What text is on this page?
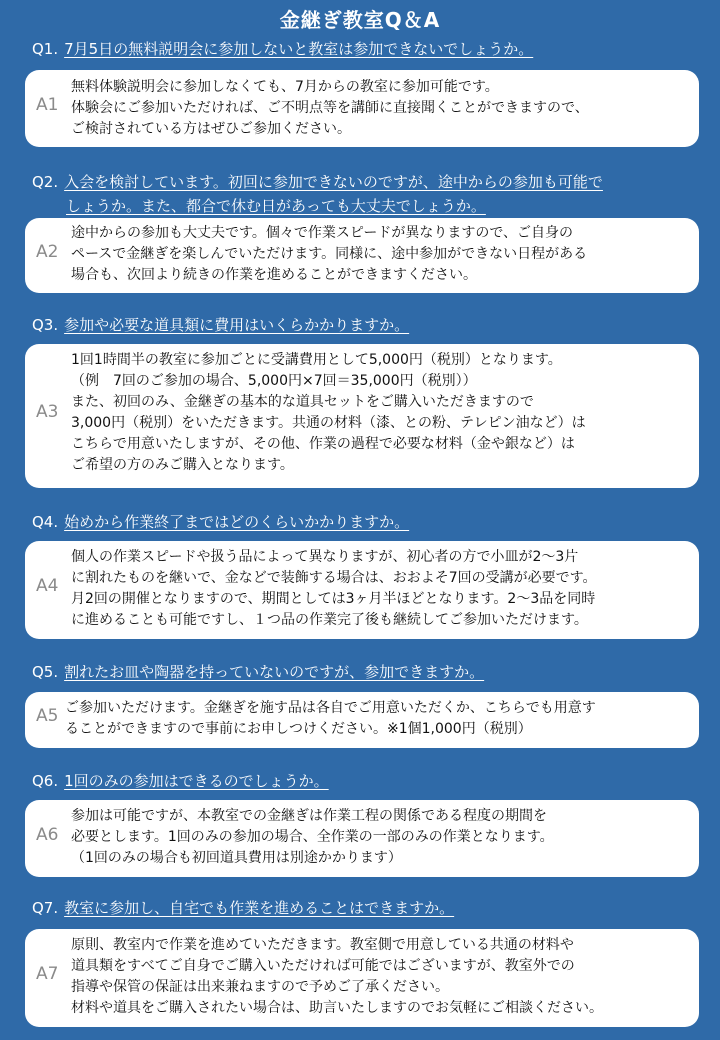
金継ぎ教室Q＆A
Q1. 7月5日の無料説明会に参加しないと教室は参加できないでしょうか。
A1
無料体験説明会に参加しなくても、7月からの教室に参加可能です。
体験会にご参加いただければ、ご不明点等を講師に直接聞くことができますので、
ご検討されている方はぜひご参加ください。
Q2. 入会を検討しています。初回に参加できないのですが、途中からの参加も可能で
しょうか。また、都合で休む日があっても大丈夫でしょうか。
A2
途中からの参加も大丈夫です。個々で作業スピードが異なりますので、ご自身の
ペースで金継ぎを楽しんでいただけます。同様に、途中参加ができない日程がある
場合も、次回より続きの作業を進めることができますください。
Q3. 参加や必要な道具類に費用はいくらかかりますか。
A3
1回1時間半の教室に参加ごとに受講費用として5,000円（税別）となります。
（例　7回のご参加の場合、5,000円×7回＝35,000円（税別））
また、初回のみ、金継ぎの基本的な道具セットをご購入いただきますので
3,000円（税別）をいただきます。共通の材料（漆、との粉、テレピン油など）は
こちらで用意いたしますが、その他、作業の過程で必要な材料（金や銀など）は
ご希望の方のみご購入となります。
Q4. 始めから作業終了まではどのくらいかかりますか。
A4
個人の作業スピードや扱う品によって異なりますが、初心者の方で小皿が2～3片
に割れたものを継いで、金などで装飾する場合は、おおよそ7回の受講が必要です。
月2回の開催となりますので、期間としては3ヶ月半ほどとなります。2～3品を同時
に進めることも可能ですし、１つ品の作業完了後も継続してご参加いただけます。
Q5. 割れたお皿や陶器を持っていないのですが、参加できますか。
A5 ご参加いただけます。金継ぎを施す品は各自でご用意いただくか、こちらでも用意す
ることができますので事前にお申しつけください。※1個1,000円（税別）
Q6. 1回のみの参加はできるのでしょうか。
A6
参加は可能ですが、本教室での金継ぎは作業工程の関係である程度の期間を
必要とします。1回のみの参加の場合、全作業の一部のみの作業となります。
（1回のみの場合も初回道具費用は別途かかります）
Q7. 教室に参加し、自宅でも作業を進めることはできますか。
A7
原則、教室内で作業を進めていただきます。教室側で用意している共通の材料や
道具類をすべてご自身でご購入いただければ可能ではございますが、教室外での
指導や保管の保証は出来兼ねますので予めご了承ください。
材料や道具をご購入されたい場合は、助言いたしますのでお気軽にご相談ください。
